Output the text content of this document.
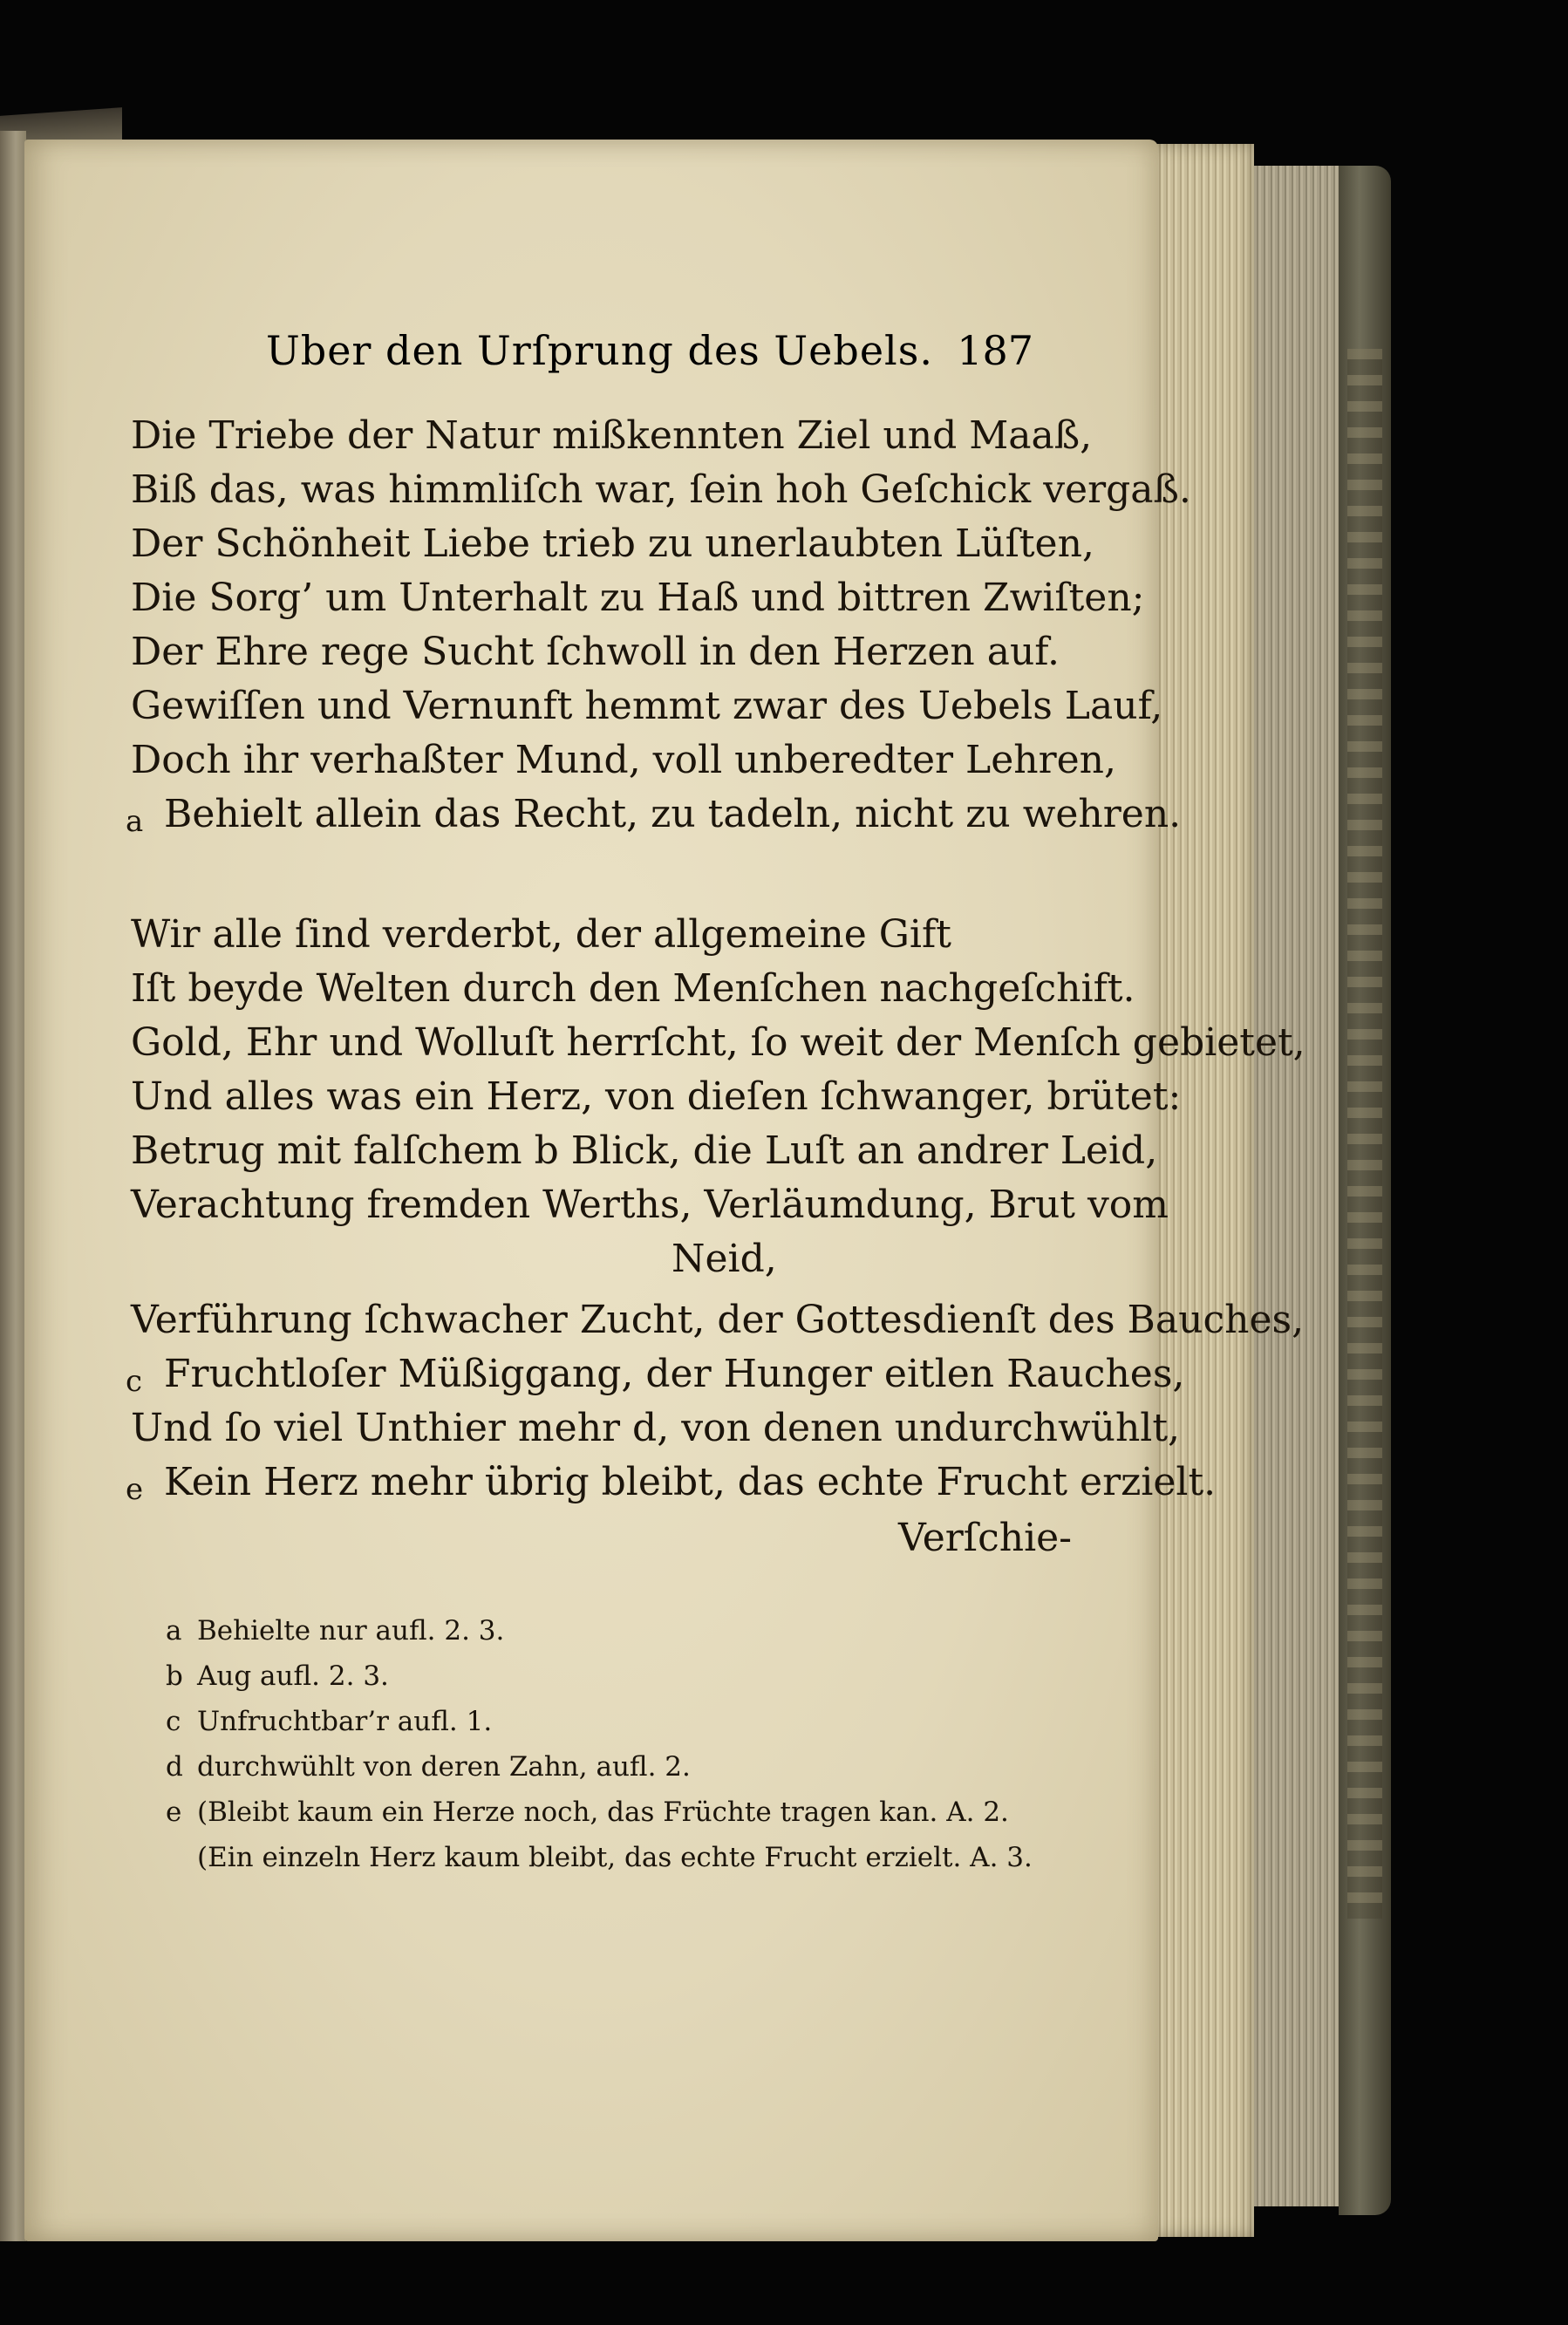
Uber den Urſprung des Uebels. 187
Die Triebe der Natur mißkennten Ziel und Maaß,
Biß das, was himmliſch war, ſein hoh Geſchick vergaß.
Der Schönheit Liebe trieb zu unerlaubten Lüſten,
Die Sorg’ um Unterhalt zu Haß und bittren Zwiſten;
Der Ehre rege Sucht ſchwoll in den Herzen auf.
Gewiſſen und Vernunft hemmt zwar des Uebels Lauf,
Doch ihr verhaßter Mund, voll unberedter Lehren,
a Behielt allein das Recht, zu tadeln, nicht zu wehren.
Wir alle ſind verderbt, der allgemeine Gift
Iſt beyde Welten durch den Menſchen nachgeſchift.
Gold, Ehr und Wolluſt herrſcht, ſo weit der Menſch gebietet,
Und alles was ein Herz, von dieſen ſchwanger, brütet:
Betrug mit falſchem b Blick, die Luſt an andrer Leid,
Verachtung fremden Werths, Verläumdung, Brut vom
Neid,
Verführung ſchwacher Zucht, der Gottesdienſt des Bauches,
c Fruchtloſer Müßiggang, der Hunger eitlen Rauches,
Und ſo viel Unthier mehr d, von denen undurchwühlt,
e Kein Herz mehr übrig bleibt, das echte Frucht erzielt.
Verſchie-
a Behielte nur aufl. 2. 3.
b Aug aufl. 2. 3.
c Unfruchtbar’r aufl. 1.
d durchwühlt von deren Zahn, aufl. 2.
e (Bleibt kaum ein Herze noch, das Früchte tragen kan. A. 2.
(Ein einzeln Herz kaum bleibt, das echte Frucht erzielt. A. 3.
